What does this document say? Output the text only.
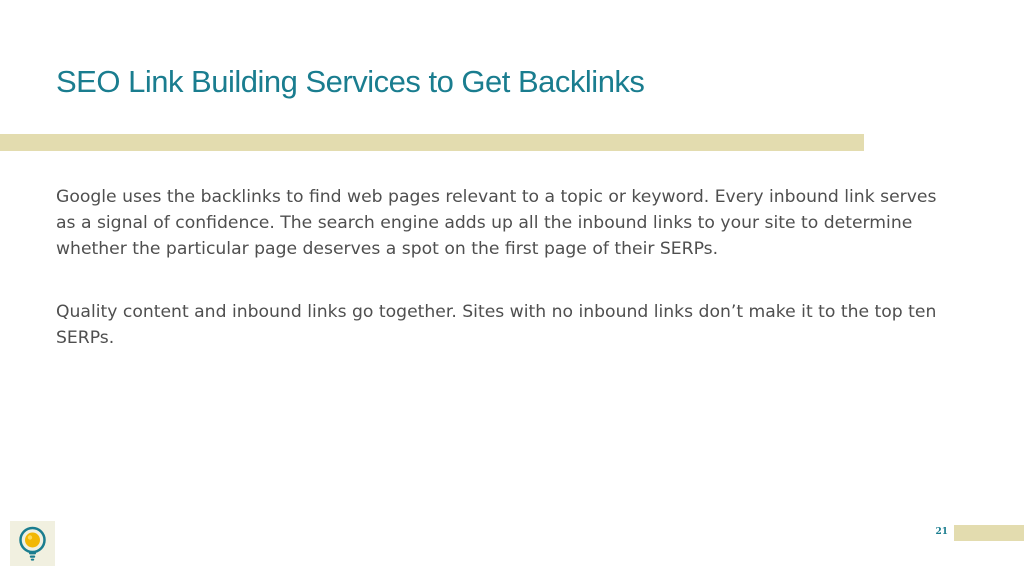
SEO Link Building Services to Get Backlinks

Google uses the backlinks to find web pages relevant to a topic or keyword. Every inbound link serves as a signal of confidence. The search engine adds up all the inbound links to your site to determine whether the particular page deserves a spot on the first page of their SERPs.

Quality content and inbound links go together. Sites with no inbound links don’t make it to the top ten SERPs.

21
